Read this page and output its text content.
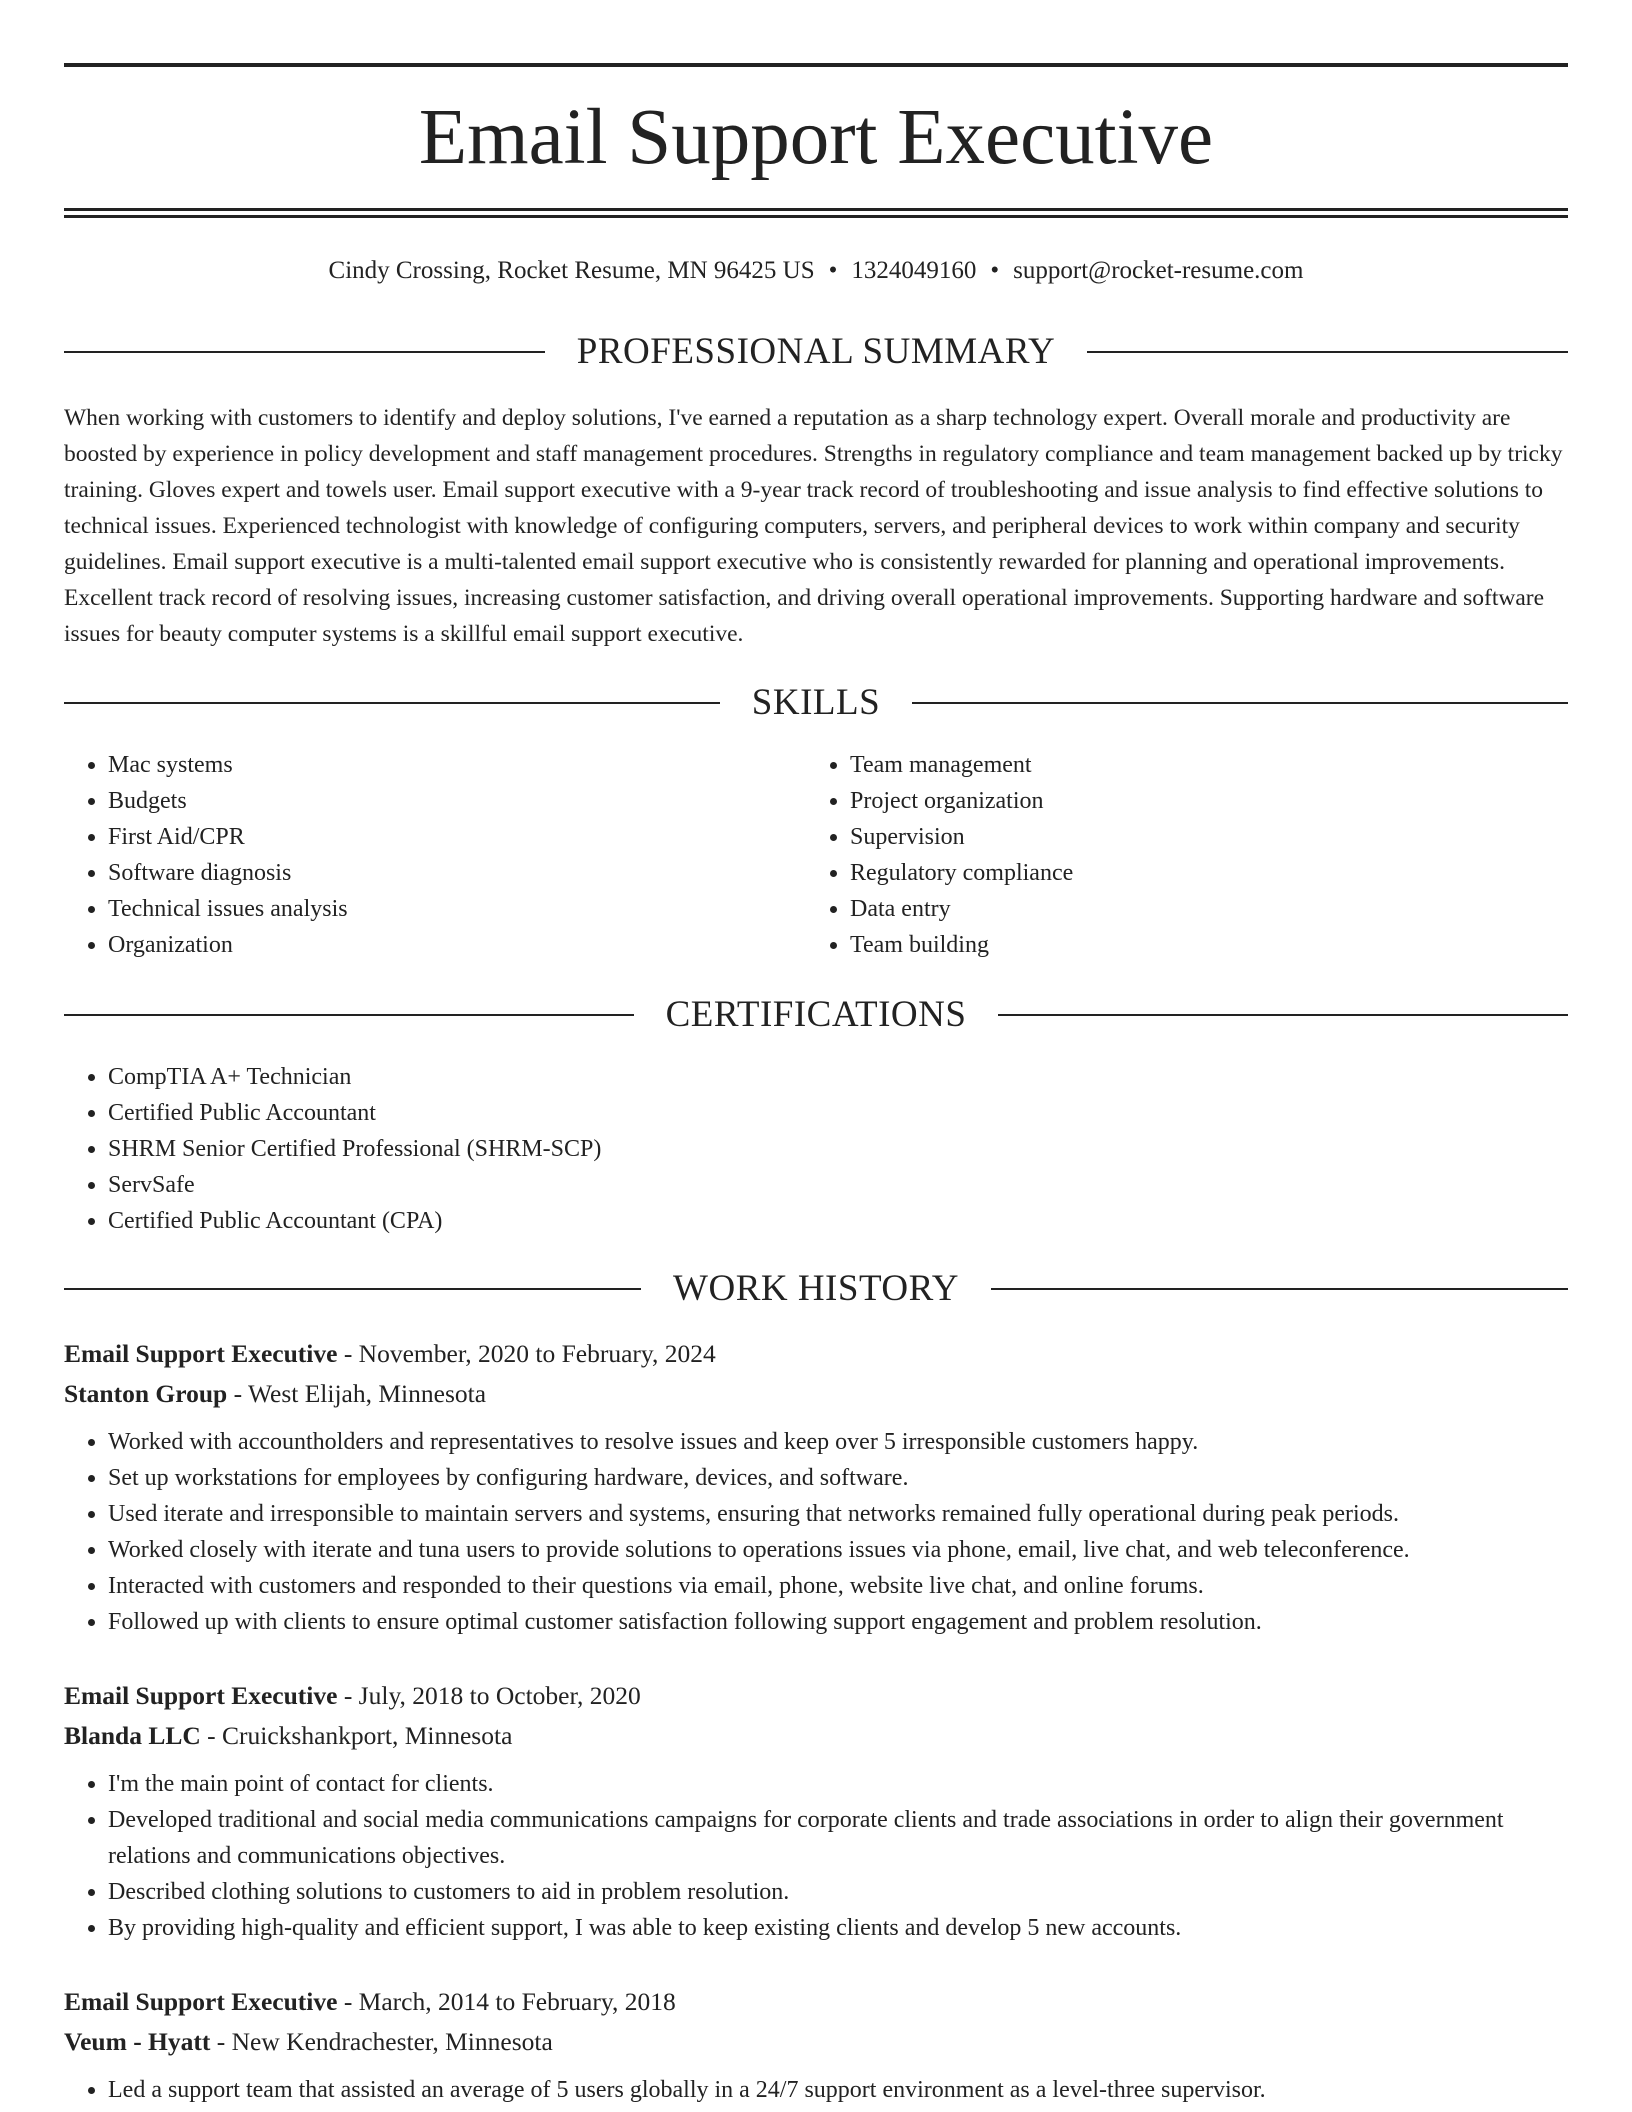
Email Support Executive
Cindy Crossing, Rocket Resume, MN 96425 US • 1324049160 • support@rocket-resume.com
PROFESSIONAL SUMMARY

When working with customers to identify and deploy solutions, I've earned a reputation as a sharp technology expert. Overall morale and productivity are boosted by experience in policy development and staff management procedures. Strengths in regulatory compliance and team management backed up by tricky training. Gloves expert and towels user. Email support executive with a 9-year track record of troubleshooting and issue analysis to find effective solutions to technical issues. Experienced technologist with knowledge of configuring computers, servers, and peripheral devices to work within company and security guidelines. Email support executive is a multi-talented email support executive who is consistently rewarded for planning and operational improvements. Excellent track record of resolving issues, increasing customer satisfaction, and driving overall operational improvements. Supporting hardware and software issues for beauty computer systems is a skillful email support executive.

SKILLS
• Mac systems
• Budgets
• First Aid/CPR
• Software diagnosis
• Technical issues analysis
• Organization
• Team management
• Project organization
• Supervision
• Regulatory compliance
• Data entry
• Team building
CERTIFICATIONS
• CompTIA A+ Technician
• Certified Public Accountant
• SHRM Senior Certified Professional (SHRM-SCP)
• ServSafe
• Certified Public Accountant (CPA)
WORK HISTORY
Email Support Executive - November, 2020 to February, 2024
Stanton Group - West Elijah, Minnesota
• Worked with accountholders and representatives to resolve issues and keep over 5 irresponsible customers happy.
• Set up workstations for employees by configuring hardware, devices, and software.
• Used iterate and irresponsible to maintain servers and systems, ensuring that networks remained fully operational during peak periods.
• Worked closely with iterate and tuna users to provide solutions to operations issues via phone, email, live chat, and web teleconference.
• Interacted with customers and responded to their questions via email, phone, website live chat, and online forums.
• Followed up with clients to ensure optimal customer satisfaction following support engagement and problem resolution.
Email Support Executive - July, 2018 to October, 2020
Blanda LLC - Cruickshankport, Minnesota
• I'm the main point of contact for clients.
• Developed traditional and social media communications campaigns for corporate clients and trade associations in order to align their government relations and communications objectives.
• Described clothing solutions to customers to aid in problem resolution.
• By providing high-quality and efficient support, I was able to keep existing clients and develop 5 new accounts.
Email Support Executive - March, 2014 to February, 2018
Veum - Hyatt - New Kendrachester, Minnesota
• Led a support team that assisted an average of 5 users globally in a 24/7 support environment as a level-three supervisor.
